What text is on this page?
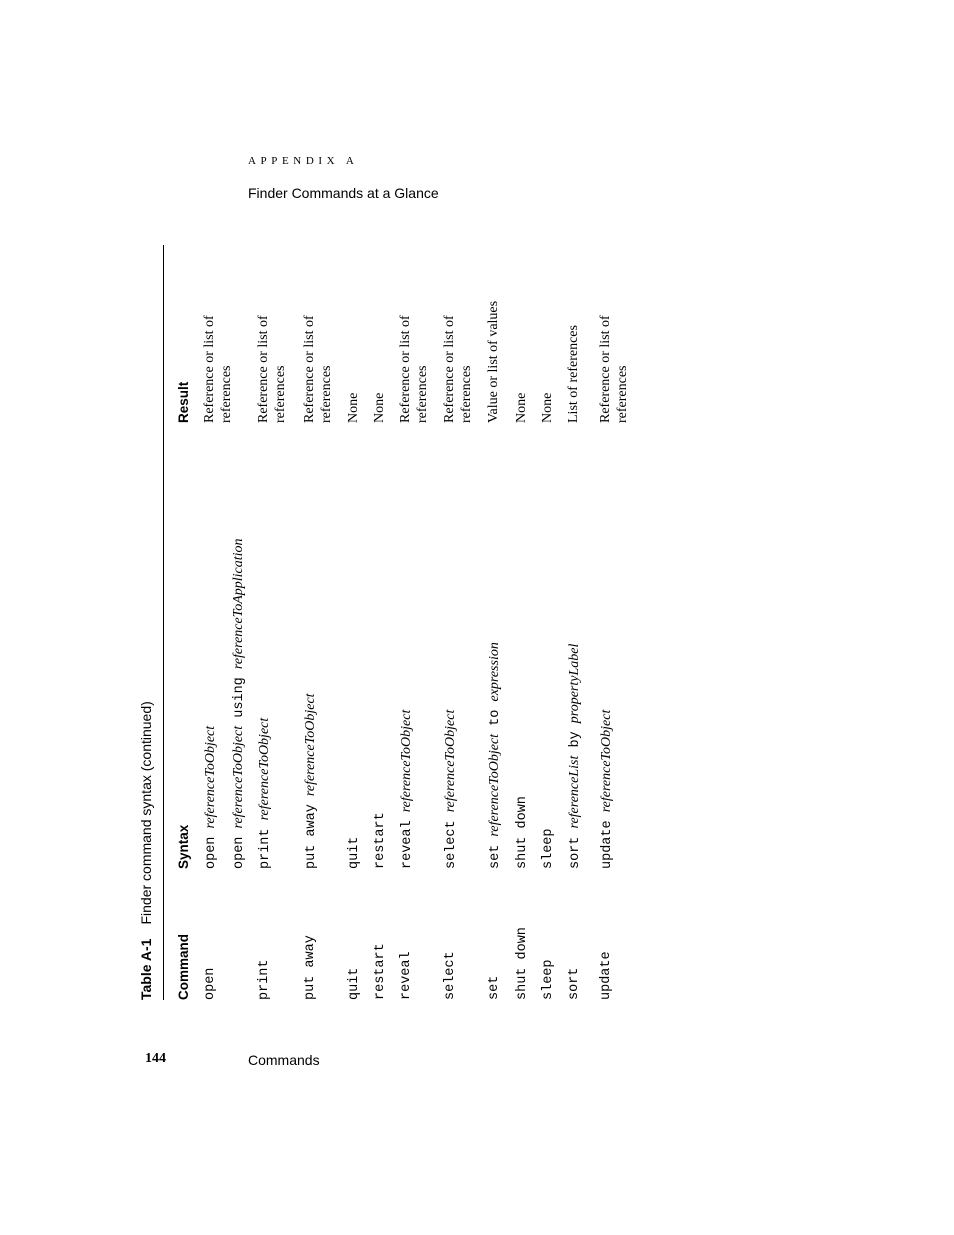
APPENDIX A
Finder Commands at a Glance
Table A-1Finder command syntax (continued)
Command
Syntax
Result
open
open referenceToObject
open referenceToObject using referenceToApplication
Reference or list of references
print
print referenceToObject
Reference or list of references
put away
put away referenceToObject
Reference or list of references
quit
quit
None
restart
restart
None
reveal
reveal referenceToObject
Reference or list of references
select
select referenceToObject
Reference or list of references
set
set referenceToObject to expression
Value or list of values
shut down
shut down
None
sleep
sleep
None
sort
sort referenceList by propertyLabel
List of references
update
update referenceToObject
Reference or list of references
144	Commands
